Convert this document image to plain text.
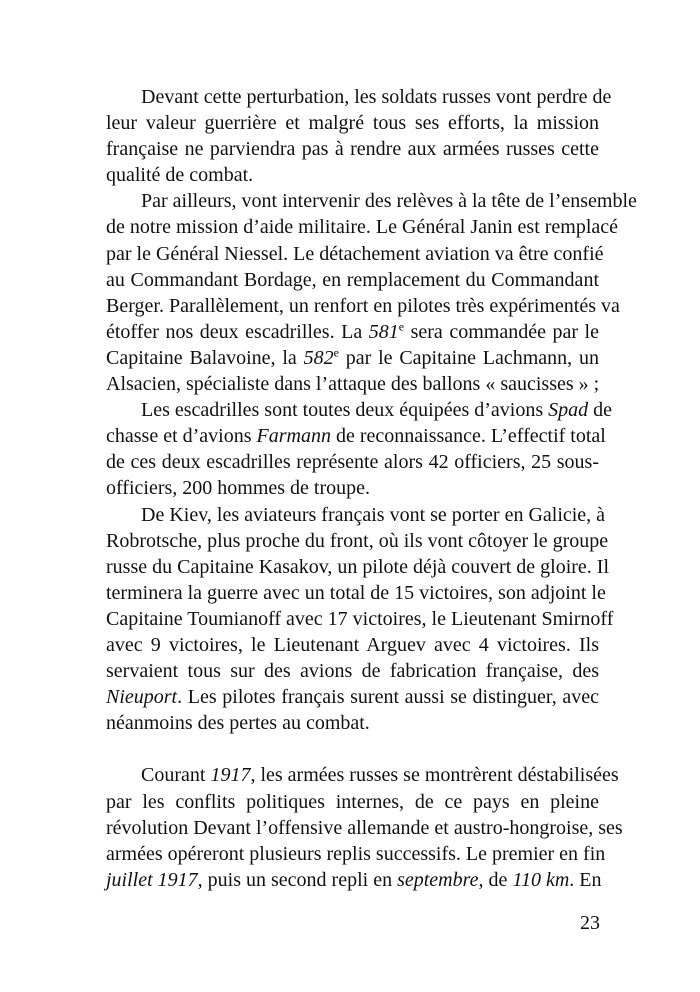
Devant cette perturbation, les soldats russes vont perdre de
leur valeur guerrière et malgré tous ses efforts, la mission
française ne parviendra pas à rendre aux armées russes cette
qualité de combat.
Par ailleurs, vont intervenir des relèves à la tête de l’ensemble
de notre mission d’aide militaire. Le Général Janin est remplacé
par le Général Niessel. Le détachement aviation va être confié
au Commandant Bordage, en remplacement du Commandant
Berger. Parallèlement, un renfort en pilotes très expérimentés va
étoffer nos deux escadrilles. La 581e sera commandée par le
Capitaine Balavoine, la 582e par le Capitaine Lachmann, un
Alsacien, spécialiste dans l’attaque des ballons « saucisses » ;
Les escadrilles sont toutes deux équipées d’avions Spad de
chasse et d’avions Farmann de reconnaissance. L’effectif total
de ces deux escadrilles représente alors 42 officiers, 25 sous-
officiers, 200 hommes de troupe.
De Kiev, les aviateurs français vont se porter en Galicie, à
Robrotsche, plus proche du front, où ils vont côtoyer le groupe
russe du Capitaine Kasakov, un pilote déjà couvert de gloire. Il
terminera la guerre avec un total de 15 victoires, son adjoint le
Capitaine Toumianoff avec 17 victoires, le Lieutenant Smirnoff
avec 9 victoires, le Lieutenant Arguev avec 4 victoires. Ils
servaient tous sur des avions de fabrication française, des
Nieuport. Les pilotes français surent aussi se distinguer, avec
néanmoins des pertes au combat.
Courant 1917, les armées russes se montrèrent déstabilisées
par les conflits politiques internes, de ce pays en pleine
révolution Devant l’offensive allemande et austro-hongroise, ses
armées opéreront plusieurs replis successifs. Le premier en fin
juillet 1917, puis un second repli en septembre, de 110 km. En
23
